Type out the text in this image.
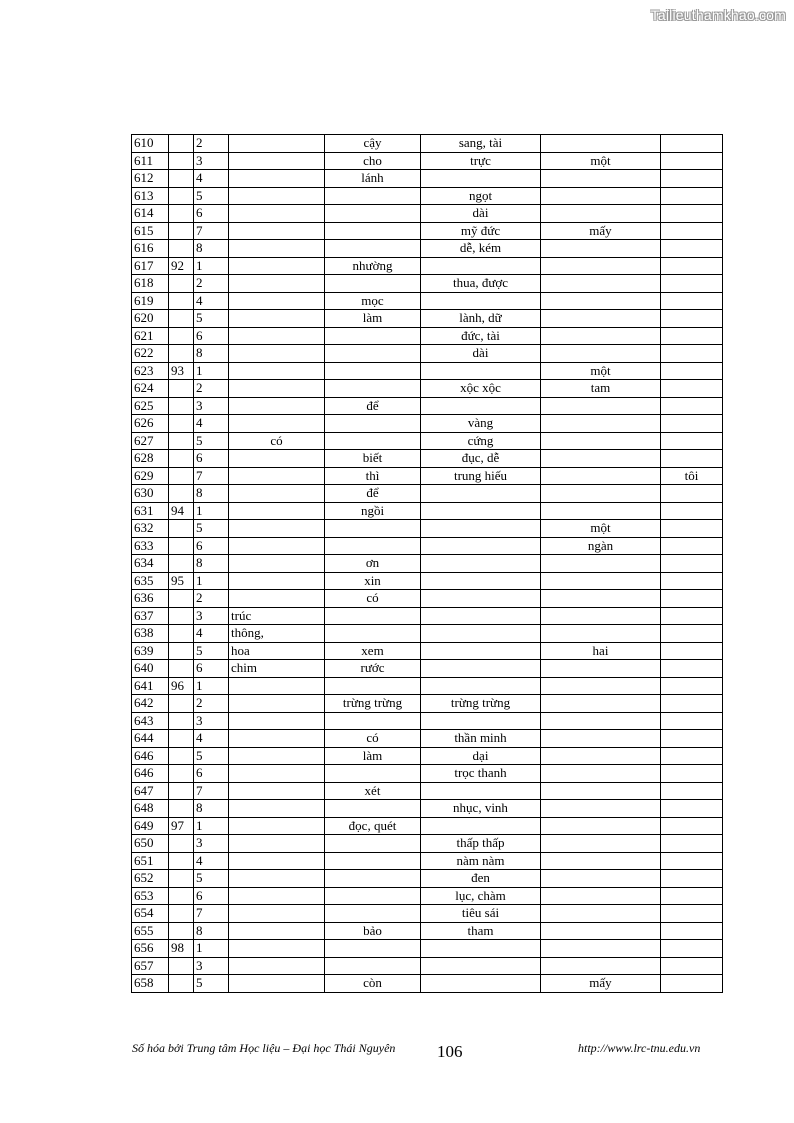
Tailieuthamkhao.com
610		2		cậy	sang, tài		
611		3		cho	trực	một	
612		4		lánh			
613		5			ngọt		
614		6			dài		
615		7			mỹ đức	mấy	
616		8			dễ, kém		
617	92	1		nhường			
618		2			thua, được		
619		4		mọc			
620		5		làm	lành, dữ		
621		6			đức, tài		
622		8			dài		
623	93	1				một	
624		2			xộc xộc	tam	
625		3		để			
626		4			vàng		
627		5	có		cứng		
628		6		biết	đục, dễ		
629		7		thì	trung hiếu		tôi
630		8		để			
631	94	1		ngồi			
632		5				một	
633		6				ngàn	
634		8		ơn			
635	95	1		xin			
636		2		có			
637		3	trúc				
638		4	thông,				
639		5	hoa	xem		hai	
640		6	chim	rước			
641	96	1					
642		2		trừng trừng	trừng trừng		
643		3					
644		4		có	thần minh		
646		5		làm	dại		
646		6			trọc thanh		
647		7		xét			
648		8			nhục, vinh		
649	97	1		đọc, quét			
650		3			thấp thấp		
651		4			nàm nàm		
652		5			đen		
653		6			lục, chàm		
654		7			tiêu sái		
655		8		bảo	tham		
656	98	1					
657		3					
658		5		còn		mấy	
Số hóa bởi Trung tâm Học liệu – Đại học Thái Nguyên 106	http://www.lrc-tnu.edu.vn
